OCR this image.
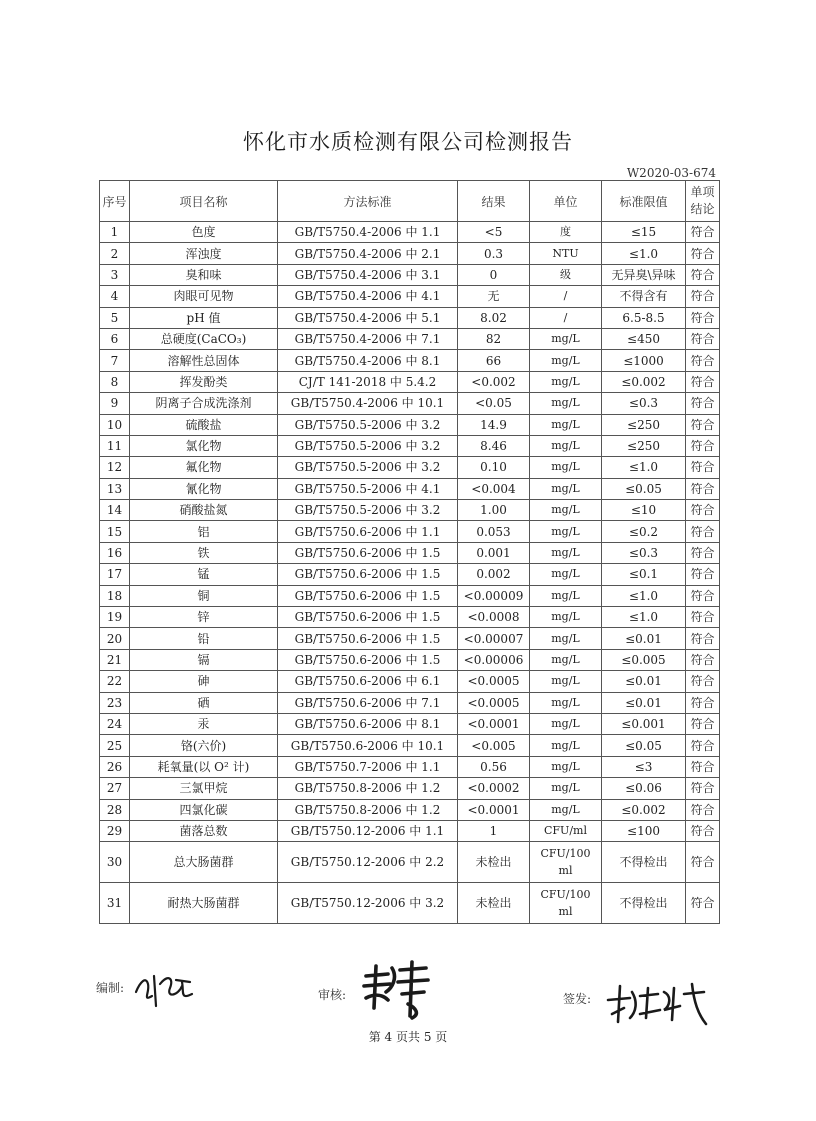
怀化市水质检测有限公司检测报告
W2020-03-674
序号	项目名称	方法标准	结果	单位	标准限值	单项结论
1	色度	GB/T5750.4-2006 中 1.1	<5	度	≤15	符合
2	浑浊度	GB/T5750.4-2006 中 2.1	0.3	NTU	≤1.0	符合
3	臭和味	GB/T5750.4-2006 中 3.1	0	级	无异臭\异味	符合
4	肉眼可见物	GB/T5750.4-2006 中 4.1	无	/	不得含有	符合
5	pH 值	GB/T5750.4-2006 中 5.1	8.02	/	6.5-8.5	符合
6	总硬度(CaCO₃)	GB/T5750.4-2006 中 7.1	82	mg/L	≤450	符合
7	溶解性总固体	GB/T5750.4-2006 中 8.1	66	mg/L	≤1000	符合
8	挥发酚类	CJ/T 141-2018 中 5.4.2	<0.002	mg/L	≤0.002	符合
9	阴离子合成洗涤剂	GB/T5750.4-2006 中 10.1	<0.05	mg/L	≤0.3	符合
10	硫酸盐	GB/T5750.5-2006 中 3.2	14.9	mg/L	≤250	符合
11	氯化物	GB/T5750.5-2006 中 3.2	8.46	mg/L	≤250	符合
12	氟化物	GB/T5750.5-2006 中 3.2	0.10	mg/L	≤1.0	符合
13	氰化物	GB/T5750.5-2006 中 4.1	<0.004	mg/L	≤0.05	符合
14	硝酸盐氮	GB/T5750.5-2006 中 3.2	1.00	mg/L	≤10	符合
15	铝	GB/T5750.6-2006 中 1.1	0.053	mg/L	≤0.2	符合
16	铁	GB/T5750.6-2006 中 1.5	0.001	mg/L	≤0.3	符合
17	锰	GB/T5750.6-2006 中 1.5	0.002	mg/L	≤0.1	符合
18	铜	GB/T5750.6-2006 中 1.5	<0.00009	mg/L	≤1.0	符合
19	锌	GB/T5750.6-2006 中 1.5	<0.0008	mg/L	≤1.0	符合
20	铅	GB/T5750.6-2006 中 1.5	<0.00007	mg/L	≤0.01	符合
21	镉	GB/T5750.6-2006 中 1.5	<0.00006	mg/L	≤0.005	符合
22	砷	GB/T5750.6-2006 中 6.1	<0.0005	mg/L	≤0.01	符合
23	硒	GB/T5750.6-2006 中 7.1	<0.0005	mg/L	≤0.01	符合
24	汞	GB/T5750.6-2006 中 8.1	<0.0001	mg/L	≤0.001	符合
25	铬(六价)	GB/T5750.6-2006 中 10.1	<0.005	mg/L	≤0.05	符合
26	耗氧量(以 O² 计)	GB/T5750.7-2006 中 1.1	0.56	mg/L	≤3	符合
27	三氯甲烷	GB/T5750.8-2006 中 1.2	<0.0002	mg/L	≤0.06	符合
28	四氯化碳	GB/T5750.8-2006 中 1.2	<0.0001	mg/L	≤0.002	符合
29	菌落总数	GB/T5750.12-2006 中 1.1	1	CFU/ml	≤100	符合
30	总大肠菌群	GB/T5750.12-2006 中 2.2	未检出	CFU/100 ml	不得检出	符合
31	耐热大肠菌群	GB/T5750.12-2006 中 3.2	未检出	CFU/100 ml	不得检出	符合
编制:	审核:	签发:
第 4 页共 5 页
